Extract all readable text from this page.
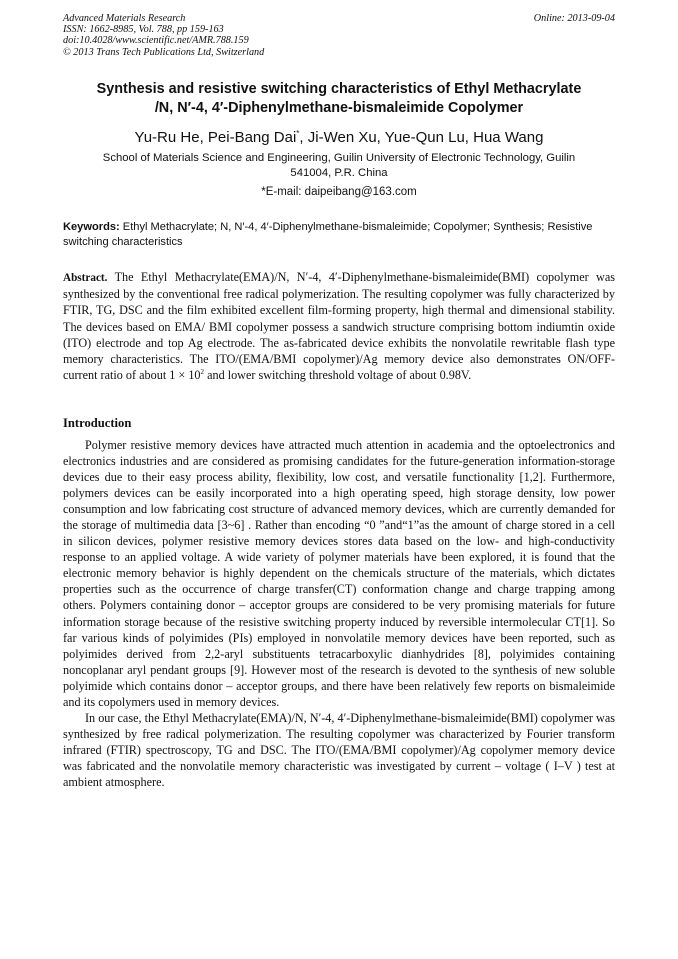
Advanced Materials Research
ISSN: 1662-8985, Vol. 788, pp 159-163
doi:10.4028/www.scientific.net/AMR.788.159
© 2013 Trans Tech Publications Ltd, Switzerland
Online: 2013-09-04
Synthesis and resistive switching characteristics of Ethyl Methacrylate
/N, N′-4, 4′-Diphenylmethane-bismaleimide Copolymer
Yu-Ru He, Pei-Bang Dai*, Ji-Wen Xu, Yue-Qun Lu, Hua Wang
School of Materials Science and Engineering, Guilin University of Electronic Technology, Guilin
541004, P.R. China
*E-mail: daipeibang@163.com
Keywords: Ethyl Methacrylate; N, N′-4, 4′-Diphenylmethane-bismaleimide; Copolymer; Synthesis; Resistive switching characteristics
Abstract. The Ethyl Methacrylate(EMA)/N, N′-4, 4′-Diphenylmethane-bismaleimide(BMI) copolymer was synthesized by the conventional free radical polymerization. The resulting copolymer was fully characterized by FTIR, TG, DSC and the film exhibited excellent film-forming property, high thermal and dimensional stability. The devices based on EMA/ BMI copolymer possess a sandwich structure comprising bottom indiumtin oxide (ITO) electrode and top Ag electrode. The as-fabricated device exhibits the nonvolatile rewritable flash type memory characteristics. The ITO/(EMA/BMI copolymer)/Ag memory device also demonstrates ON/OFF-current ratio of about $1 \times 10^2$ and lower switching threshold voltage of about 0.98V.
Introduction

Polymer resistive memory devices have attracted much attention in academia and the optoelectronics and electronics industries and are considered as promising candidates for the future-generation information-storage devices due to their easy process ability, flexibility, low cost, and versatile functionality [1,2]. Furthermore, polymers devices can be easily incorporated into a high operating speed, high storage density, low power consumption and low fabricating cost structure of advanced memory devices, which are currently demanded for the storage of multimedia data [3~6] . Rather than encoding “0 ”and“1”as the amount of charge stored in a cell in silicon devices, polymer resistive memory devices stores data based on the low- and high-conductivity response to an applied voltage. A wide variety of polymer materials have been explored, it is found that the electronic memory behavior is highly dependent on the chemicals structure of the materials, which dictates properties such as the occurrence of charge transfer(CT) conformation change and charge trapping among others. Polymers containing donor – acceptor groups are considered to be very promising materials for future information storage because of the resistive switching property induced by reversible intermolecular CT[1]. So far various kinds of polyimides (PIs) employed in nonvolatile memory devices have been reported, such as polyimides derived from 2,2-aryl substituents tetracarboxylic dianhydrides [8], polyimides containing noncoplanar aryl pendant groups [9]. However most of the research is devoted to the synthesis of new soluble polyimide which contains donor – acceptor groups, and there have been relatively few reports on bismaleimide and its copolymers used in memory devices.

In our case, the Ethyl Methacrylate(EMA)/N, N′-4, 4′-Diphenylmethane-bismaleimide(BMI) copolymer was synthesized by free radical polymerization. The resulting copolymer was characterized by Fourier transform infrared (FTIR) spectroscopy, TG and DSC. The ITO/(EMA/BMI copolymer)/Ag copolymer memory device was fabricated and the nonvolatile memory characteristic was investigated by current – voltage ( I–V ) test at ambient atmosphere.
